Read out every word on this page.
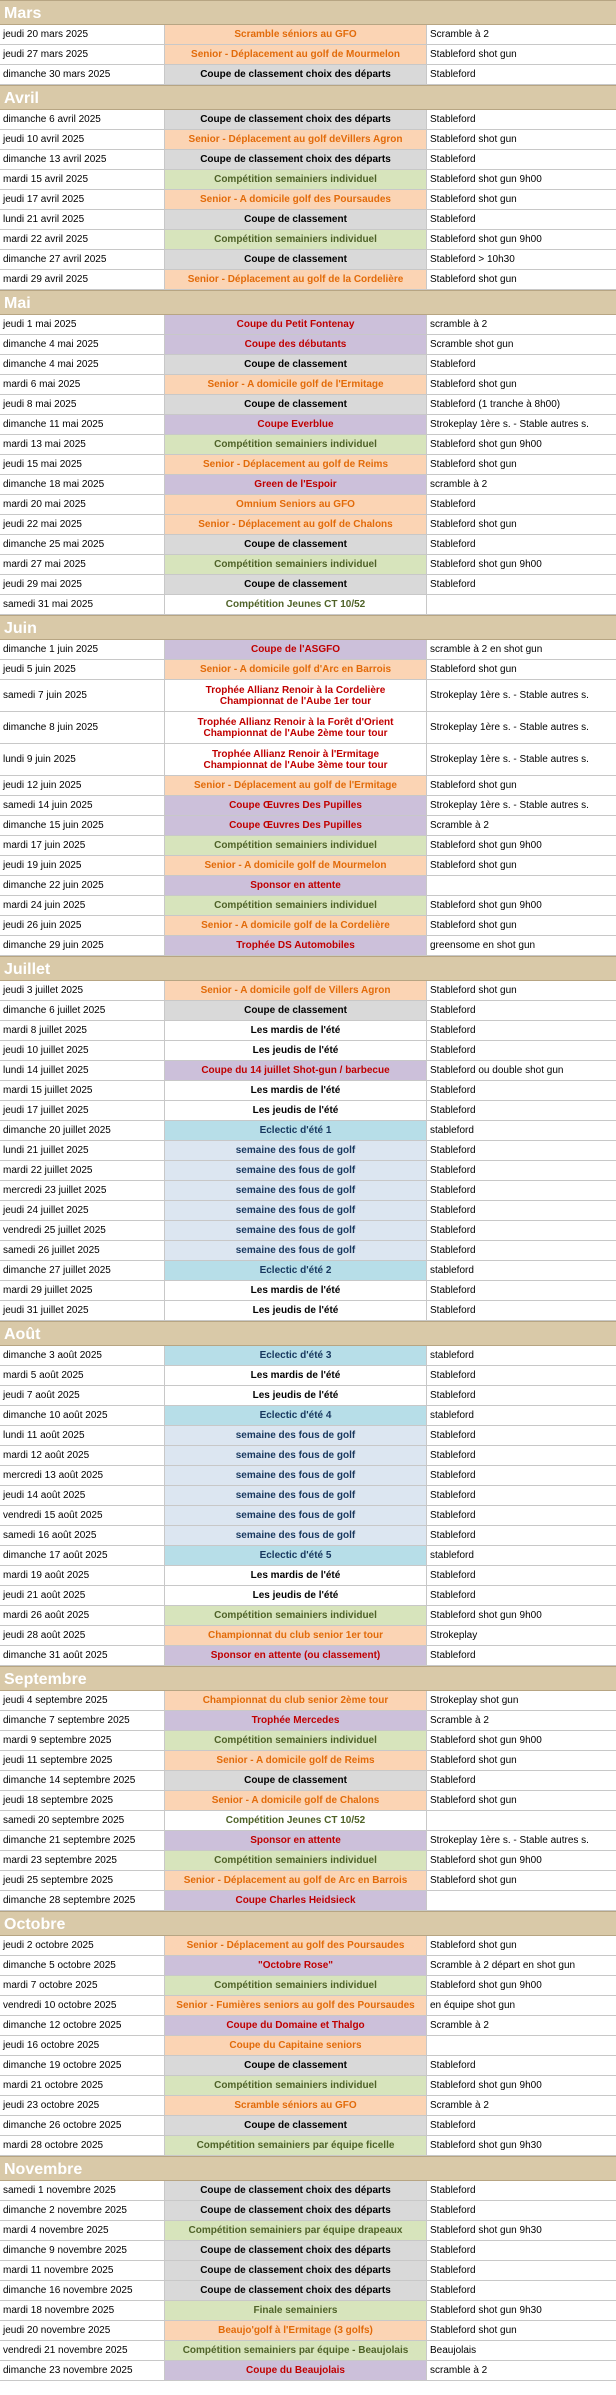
Mars
jeudi 20 mars 2025	Scramble séniors au GFO	Scramble à 2
jeudi 27 mars 2025	Senior - Déplacement au golf de Mourmelon	Stableford shot gun
dimanche 30 mars 2025	Coupe de classement choix des départs	Stableford
Avril
dimanche 6 avril 2025	Coupe de classement choix des départs	Stableford
jeudi 10 avril 2025	Senior - Déplacement au golf deVillers Agron	Stableford shot gun
dimanche 13 avril 2025	Coupe de classement choix des départs	Stableford
mardi 15 avril 2025	Compétition semainiers individuel	Stableford shot gun 9h00
jeudi 17 avril 2025	Senior - A domicile golf des Poursaudes	Stableford shot gun
lundi 21 avril 2025	Coupe de classement	Stableford
mardi 22 avril 2025	Compétition semainiers individuel	Stableford shot gun 9h00
dimanche 27 avril 2025	Coupe de classement	Stableford > 10h30
mardi 29 avril 2025	Senior - Déplacement au golf de la Cordelière	Stableford shot gun
Mai
jeudi 1 mai 2025	Coupe du Petit Fontenay	scramble à 2
dimanche 4 mai 2025	Coupe des débutants	Scramble shot gun
dimanche 4 mai 2025	Coupe de classement	Stableford
mardi 6 mai 2025	Senior - A domicile golf de l'Ermitage	Stableford shot gun
jeudi 8 mai 2025	Coupe de classement	Stableford (1 tranche à 8h00)
dimanche 11 mai 2025	Coupe Everblue	Strokeplay 1ère s. - Stable autres s.
mardi 13 mai 2025	Compétition semainiers individuel	Stableford shot gun 9h00
jeudi 15 mai 2025	Senior - Déplacement au golf de Reims	Stableford shot gun
dimanche 18 mai 2025	Green de l'Espoir	scramble à 2
mardi 20 mai 2025	Omnium Seniors au GFO	Stableford
jeudi 22 mai 2025	Senior - Déplacement au golf de Chalons	Stableford shot gun
dimanche 25 mai 2025	Coupe de classement	Stableford
mardi 27 mai 2025	Compétition semainiers individuel	Stableford shot gun 9h00
jeudi 29 mai 2025	Coupe de classement	Stableford
samedi 31 mai 2025	Compétition Jeunes CT 10/52
Juin
dimanche 1 juin 2025	Coupe de l'ASGFO	scramble à 2 en shot gun
jeudi 5 juin 2025	Senior - A domicile golf d'Arc en Barrois	Stableford shot gun
samedi 7 juin 2025	Trophée Allianz Renoir à la Cordelière
Championnat de l'Aube 1er tour	Strokeplay 1ère s. - Stable autres s.
dimanche 8 juin 2025	Trophée Allianz Renoir à la Forêt d'Orient
Championnat de l'Aube 2ème tour tour	Strokeplay 1ère s. - Stable autres s.
lundi 9 juin 2025	Trophée Allianz Renoir à l'Ermitage
Championnat de l'Aube 3ème tour tour	Strokeplay 1ère s. - Stable autres s.
jeudi 12 juin 2025	Senior - Déplacement au golf de l'Ermitage	Stableford shot gun
samedi 14 juin 2025	Coupe Œuvres Des Pupilles	Strokeplay 1ère s. - Stable autres s.
dimanche 15 juin 2025	Coupe Œuvres Des Pupilles	Scramble à 2
mardi 17 juin 2025	Compétition semainiers individuel	Stableford shot gun 9h00
jeudi 19 juin 2025	Senior - A domicile golf de Mourmelon	Stableford shot gun
dimanche 22 juin 2025	Sponsor en attente
mardi 24 juin 2025	Compétition semainiers individuel	Stableford shot gun 9h00
jeudi 26 juin 2025	Senior - A domicile golf de la Cordelière	Stableford shot gun
dimanche 29 juin 2025	Trophée DS Automobiles	greensome en shot gun
Juillet
jeudi 3 juillet 2025	Senior - A domicile golf de Villers Agron	Stableford shot gun
dimanche 6 juillet 2025	Coupe de classement	Stableford
mardi 8 juillet 2025	Les mardis de l'été	Stableford
jeudi 10 juillet 2025	Les jeudis de l'été	Stableford
lundi 14 juillet 2025	Coupe du 14 juillet Shot-gun / barbecue	Stableford ou double shot gun
mardi 15 juillet 2025	Les mardis de l'été	Stableford
jeudi 17 juillet 2025	Les jeudis de l'été	Stableford
dimanche 20 juillet 2025	Eclectic d'été 1	stableford
lundi 21 juillet 2025	semaine des fous de golf	Stableford
mardi 22 juillet 2025	semaine des fous de golf	Stableford
mercredi 23 juillet 2025	semaine des fous de golf	Stableford
jeudi 24 juillet 2025	semaine des fous de golf	Stableford
vendredi 25 juillet 2025	semaine des fous de golf	Stableford
samedi 26 juillet 2025	semaine des fous de golf	Stableford
dimanche 27 juillet 2025	Eclectic d'été 2	stableford
mardi 29 juillet 2025	Les mardis de l'été	Stableford
jeudi 31 juillet 2025	Les jeudis de l'été	Stableford
Août
dimanche 3 août 2025	Eclectic d'été 3	stableford
mardi 5 août 2025	Les mardis de l'été	Stableford
jeudi 7 août 2025	Les jeudis de l'été	Stableford
dimanche 10 août 2025	Eclectic d'été 4	stableford
lundi 11 août 2025	semaine des fous de golf	Stableford
mardi 12 août 2025	semaine des fous de golf	Stableford
mercredi 13 août 2025	semaine des fous de golf	Stableford
jeudi 14 août 2025	semaine des fous de golf	Stableford
vendredi 15 août 2025	semaine des fous de golf	Stableford
samedi 16 août 2025	semaine des fous de golf	Stableford
dimanche 17 août 2025	Eclectic d'été 5	stableford
mardi 19 août 2025	Les mardis de l'été	Stableford
jeudi 21 août 2025	Les jeudis de l'été	Stableford
mardi 26 août 2025	Compétition semainiers individuel	Stableford shot gun 9h00
jeudi 28 août 2025	Championnat du club senior 1er tour	Strokeplay
dimanche 31 août 2025	Sponsor en attente (ou classement)	Stableford
Septembre
jeudi 4 septembre 2025	Championnat du club senior 2ème tour	Strokeplay shot gun
dimanche 7 septembre 2025	Trophée Mercedes	Scramble à 2
mardi 9 septembre 2025	Compétition semainiers individuel	Stableford shot gun 9h00
jeudi 11 septembre 2025	Senior - A domicile golf de Reims	Stableford shot gun
dimanche 14 septembre 2025	Coupe de classement	Stableford
jeudi 18 septembre 2025	Senior - A domicile golf de Chalons	Stableford shot gun
samedi 20 septembre 2025	Compétition Jeunes CT 10/52
dimanche 21 septembre 2025	Sponsor en attente	Strokeplay 1ère s. - Stable autres s.
mardi 23 septembre 2025	Compétition semainiers individuel	Stableford shot gun 9h00
jeudi 25 septembre 2025	Senior - Déplacement au golf de Arc en Barrois	Stableford shot gun
dimanche 28 septembre 2025	Coupe Charles Heidsieck
Octobre
jeudi 2 octobre 2025	Senior - Déplacement au golf des Poursaudes	Stableford shot gun
dimanche 5 octobre 2025	"Octobre Rose"	Scramble à 2 départ en shot gun
mardi 7 octobre 2025	Compétition semainiers individuel	Stableford shot gun 9h00
vendredi 10 octobre 2025	Senior - Fumières seniors au golf des Poursaudes	en équipe shot gun
dimanche 12 octobre 2025	Coupe du Domaine et Thalgo	Scramble à 2
jeudi 16 octobre 2025	Coupe du Capitaine seniors
dimanche 19 octobre 2025	Coupe de classement	Stableford
mardi 21 octobre 2025	Compétition semainiers individuel	Stableford shot gun 9h00
jeudi 23 octobre 2025	Scramble séniors au GFO	Scramble à 2
dimanche 26 octobre 2025	Coupe de classement	Stableford
mardi 28 octobre 2025	Compétition semainiers par équipe ficelle	Stableford shot gun 9h30
Novembre
samedi 1 novembre 2025	Coupe de classement choix des départs	Stableford
dimanche 2 novembre 2025	Coupe de classement choix des départs	Stableford
mardi 4 novembre 2025	Compétition semainiers par équipe drapeaux	Stableford shot gun 9h30
dimanche 9 novembre 2025	Coupe de classement choix des départs	Stableford
mardi 11 novembre 2025	Coupe de classement choix des départs	Stableford
dimanche 16 novembre 2025	Coupe de classement choix des départs	Stableford
mardi 18 novembre 2025	Finale semainiers	Stableford shot gun 9h30
jeudi 20 novembre 2025	Beaujo'golf à l'Ermitage (3 golfs)	Stableford shot gun
vendredi 21 novembre 2025	Compétition semainiers par équipe - Beaujolais	Beaujolais
dimanche 23 novembre 2025	Coupe du Beaujolais	scramble à 2
